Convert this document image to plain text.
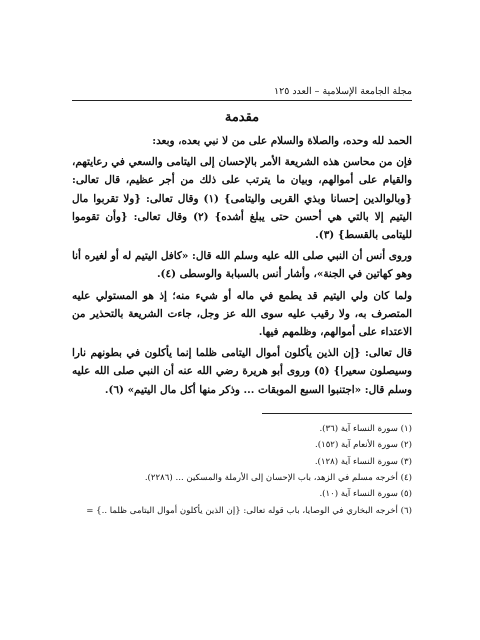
مجلة الجامعة الإسلامية – العدد ١٢٥
مقدمة

الحمد لله وحده، والصلاة والسلام على من لا نبي بعده، وبعد:

فإن من محاسن هذه الشريعة الأمر بالإحسان إلى اليتامى والسعي في رعايتهم، والقيام على أموالهم، وبيان ما يترتب على ذلك من أجر عظيم، قال تعالى: {وبالوالدين إحسانا وبذي القربى واليتامى} (١) وقال تعالى: {ولا تقربوا مال اليتيم إلا بالتي هي أحسن حتى يبلغ أشده} (٢) وقال تعالى: {وأن تقوموا لليتامى بالقسط} (٣).

وروى أنس أن النبي صلى الله عليه وسلم الله قال: «كافل اليتيم له أو لغيره أنا وهو كهاتين في الجنة»، وأشار أنس بالسبابة والوسطى (٤).

ولما كان ولي اليتيم قد يطمع في ماله أو شيء منه؛ إذ هو المستولي عليه المتصرف به، ولا رقيب عليه سوى الله عز وجل، جاءت الشريعة بالتحذير من الاعتداء على أموالهم، وظلمهم فيها.

قال تعالى: {إن الذين يأكلون أموال اليتامى ظلما إنما يأكلون في بطونهم نارا وسيصلون سعيرا} (٥) وروى أبو هريرة رضي الله عنه أن النبي صلى الله عليه وسلم قال: «اجتنبوا السبع الموبقات ... وذكر منها أكل مال اليتيم» (٦).

(١) سورة النساء آية (٣٦).
(٢) سورة الأنعام آية (١٥٢).
(٣) سورة النساء آية (١٢٨).
(٤) أخرجه مسلم في الزهد، باب الإحسان إلى الأرملة والمسكين ... (٢٢٨٦).
(٥) سورة النساء آية (١٠).
(٦) أخرجه البخاري في الوصايا، باب قوله تعالى: {إن الذين يأكلون أموال اليتامى ظلما ..} =
